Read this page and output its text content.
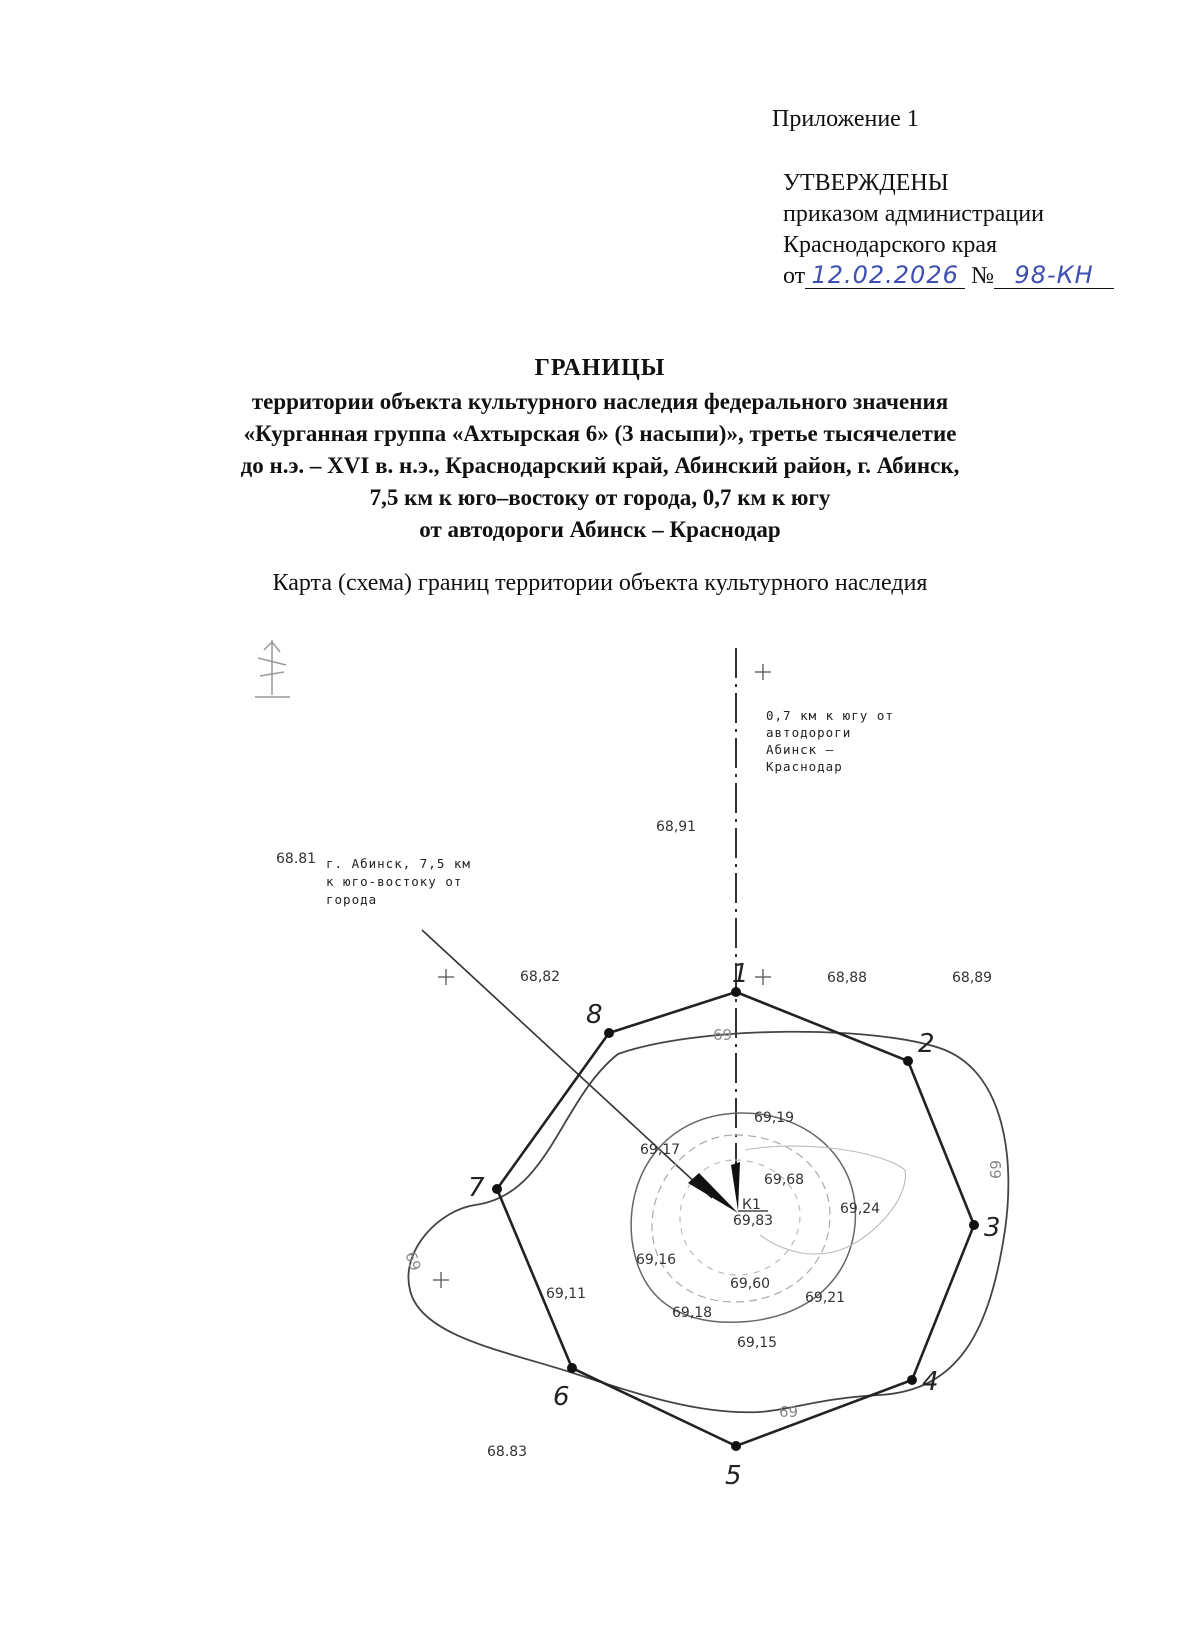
Приложение 1
УТВЕРЖДЕНЫ
приказом администрации
Краснодарского края
от 12.02.2026 № 98-КН
ГРАНИЦЫ
территории объекта культурного наследия федерального значения
«Курганная группа «Ахтырская 6» (3 насыпи)», третье тысячелетие
до н.э. – XVI в. н.э., Краснодарский край, Абинский район, г. Абинск,
7,5 км к юго–востоку от города, 0,7 км к югу
от автодороги Абинск – Краснодар
Карта (схема) границ территории объекта культурного наследия
1
2
3
4
5
6
7
8
69
69
69
69
68,91
68.81
68,82	68,88	68,89
68.83
69,19
69,17
69,68
К1
69,83
69,24
69,16
69,60
69,21
69,11
69,18
69,15
0,7 км к югу от
автодороги
Абинск –
Краснодар
г. Абинск, 7,5 км
к юго-востоку от
города
